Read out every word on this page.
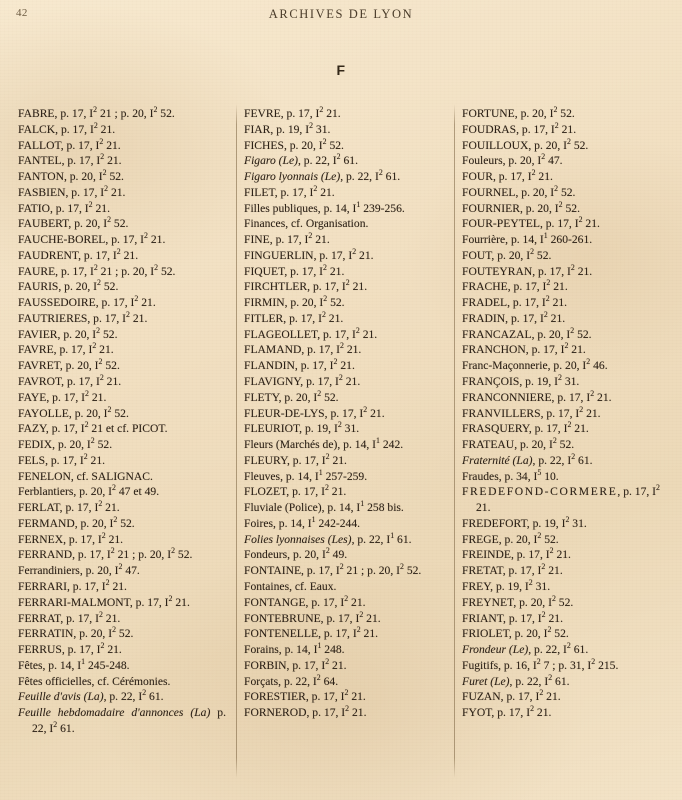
42	ARCHIVES DE LYON
F

FABRE, p. 17, $I^2$ 21 ; p. 20, $I^2$ 52.

FALCK, p. 17, $I^2$ 21.

FALLOT, p. 17, $I^2$ 21.

FANTEL, p. 17, $I^2$ 21.

FANTON, p. 20, $I^2$ 52.

FASBIEN, p. 17, $I^2$ 21.

FATIO, p. 17, $I^2$ 21.

FAUBERT, p. 20, $I^2$ 52.

FAUCHE-BOREL, p. 17, $I^2$ 21.

FAUDRENT, p. 17, $I^2$ 21.

FAURE, p. 17, $I^2$ 21 ; p. 20, $I^2$ 52.

FAURIS, p. 20, $I^2$ 52.

FAUSSEDOIRE, p. 17, $I^2$ 21.

FAUTRIERES, p. 17, $I^2$ 21.

FAVIER, p. 20, $I^2$ 52.

FAVRE, p. 17, $I^2$ 21.

FAVRET, p. 20, $I^2$ 52.

FAVROT, p. 17, $I^2$ 21.

FAYE, p. 17, $I^2$ 21.

FAYOLLE, p. 20, $I^2$ 52.

FAZY, p. 17, $I^2$ 21 et cf. PICOT.

FEDIX, p. 20, $I^2$ 52.

FELS, p. 17, $I^2$ 21.

FENELON, cf. SALIGNAC.

Ferblantiers, p. 20, $I^2$ 47 et 49.

FERLAT, p. 17, $I^2$ 21.

FERMAND, p. 20, $I^2$ 52.

FERNEX, p. 17, $I^2$ 21.

FERRAND, p. 17, $I^2$ 21 ; p. 20, $I^2$ 52.

Ferrandiniers, p. 20, $I^2$ 47.

FERRARI, p. 17, $I^2$ 21.

FERRARI-MALMONT, p. 17, $I^2$ 21.

FERRAT, p. 17, $I^2$ 21.

FERRATIN, p. 20, $I^2$ 52.

FERRUS, p. 17, $I^2$ 21.

Fêtes, p. 14, $I^1$ 245-248.

Fêtes officielles, cf. Cérémonies.

Feuille d'avis (La), p. 22, $I^2$ 61.

Feuille hebdomadaire d'annonces (La) p. 22, $I^2$ 61.

FEVRE, p. 17, $I^2$ 21.

FIAR, p. 19, $I^2$ 31.

FICHES, p. 20, $I^2$ 52.

Figaro (Le), p. 22, $I^2$ 61.

Figaro lyonnais (Le), p. 22, $I^2$ 61.

FILET, p. 17, $I^2$ 21.

Filles publiques, p. 14, $I^1$ 239-256.

Finances, cf. Organisation.

FINE, p. 17, $I^2$ 21.

FINGUERLIN, p. 17, $I^2$ 21.

FIQUET, p. 17, $I^2$ 21.

FIRCHTLER, p. 17, $I^2$ 21.

FIRMIN, p. 20, $I^2$ 52.

FITLER, p. 17, $I^2$ 21.

FLAGEOLLET, p. 17, $I^2$ 21.

FLAMAND, p. 17, $I^2$ 21.

FLANDIN, p. 17, $I^2$ 21.

FLAVIGNY, p. 17, $I^2$ 21.

FLETY, p. 20, $I^2$ 52.

FLEUR-DE-LYS, p. 17, $I^2$ 21.

FLEURIOT, p. 19, $I^2$ 31.

Fleurs (Marchés de), p. 14, $I^1$ 242.

FLEURY, p. 17, $I^2$ 21.

Fleuves, p. 14, $I^1$ 257-259.

FLOZET, p. 17, $I^2$ 21.

Fluviale (Police), p. 14, $I^1$ 258 bis.

Foires, p. 14, $I^1$ 242-244.

Folies lyonnaises (Les), p. 22, $I^1$ 61.

Fondeurs, p. 20, $I^2$ 49.

FONTAINE, p. 17, $I^2$ 21 ; p. 20, $I^2$ 52.

Fontaines, cf. Eaux.

FONTANGE, p. 17, $I^2$ 21.

FONTEBRUNE, p. 17, $I^2$ 21.

FONTENELLE, p. 17, $I^2$ 21.

Forains, p. 14, $I^1$ 248.

FORBIN, p. 17, $I^2$ 21.

Forçats, p. 22, $I^2$ 64.

FORESTIER, p. 17, $I^2$ 21.

FORNEROD, p. 17, $I^2$ 21.

FORTUNE, p. 20, $I^2$ 52.

FOUDRAS, p. 17, $I^2$ 21.

FOUILLOUX, p. 20, $I^2$ 52.

Fouleurs, p. 20, $I^2$ 47.

FOUR, p. 17, $I^2$ 21.

FOURNEL, p. 20, $I^2$ 52.

FOURNIER, p. 20, $I^2$ 52.

FOUR-PEYTEL, p. 17, $I^2$ 21.

Fourrière, p. 14, $I^1$ 260-261.

FOUT, p. 20, $I^2$ 52.

FOUTEYRAN, p. 17, $I^2$ 21.

FRACHE, p. 17, $I^2$ 21.

FRADEL, p. 17, $I^2$ 21.

FRADIN, p. 17, $I^2$ 21.

FRANCAZAL, p. 20, $I^2$ 52.

FRANCHON, p. 17, $I^2$ 21.

Franc-Maçonnerie, p. 20, $I^2$ 46.

FRANÇOIS, p. 19, $I^2$ 31.

FRANCONNIERE, p. 17, $I^2$ 21.

FRANVILLERS, p. 17, $I^2$ 21.

FRASQUERY, p. 17, $I^2$ 21.

FRATEAU, p. 20, $I^2$ 52.

Fraternité (La), p. 22, $I^2$ 61.

Fraudes, p. 34, $I^5$ 10.

FREDEFOND-CORMERE, p. 17, $I^2$ 21.

FREDEFORT, p. 19, $I^2$ 31.

FREGE, p. 20, $I^2$ 52.

FREINDE, p. 17, $I^2$ 21.

FRETAT, p. 17, $I^2$ 21.

FREY, p. 19, $I^2$ 31.

FREYNET, p. 20, $I^2$ 52.

FRIANT, p. 17, $I^2$ 21.

FRIOLET, p. 20, $I^2$ 52.

Frondeur (Le), p. 22, $I^2$ 61.

Fugitifs, p. 16, $I^2$ 7 ; p. 31, $I^2$ 215.

Furet (Le), p. 22, $I^2$ 61.

FUZAN, p. 17, $I^2$ 21.

FYOT, p. 17, $I^2$ 21.
